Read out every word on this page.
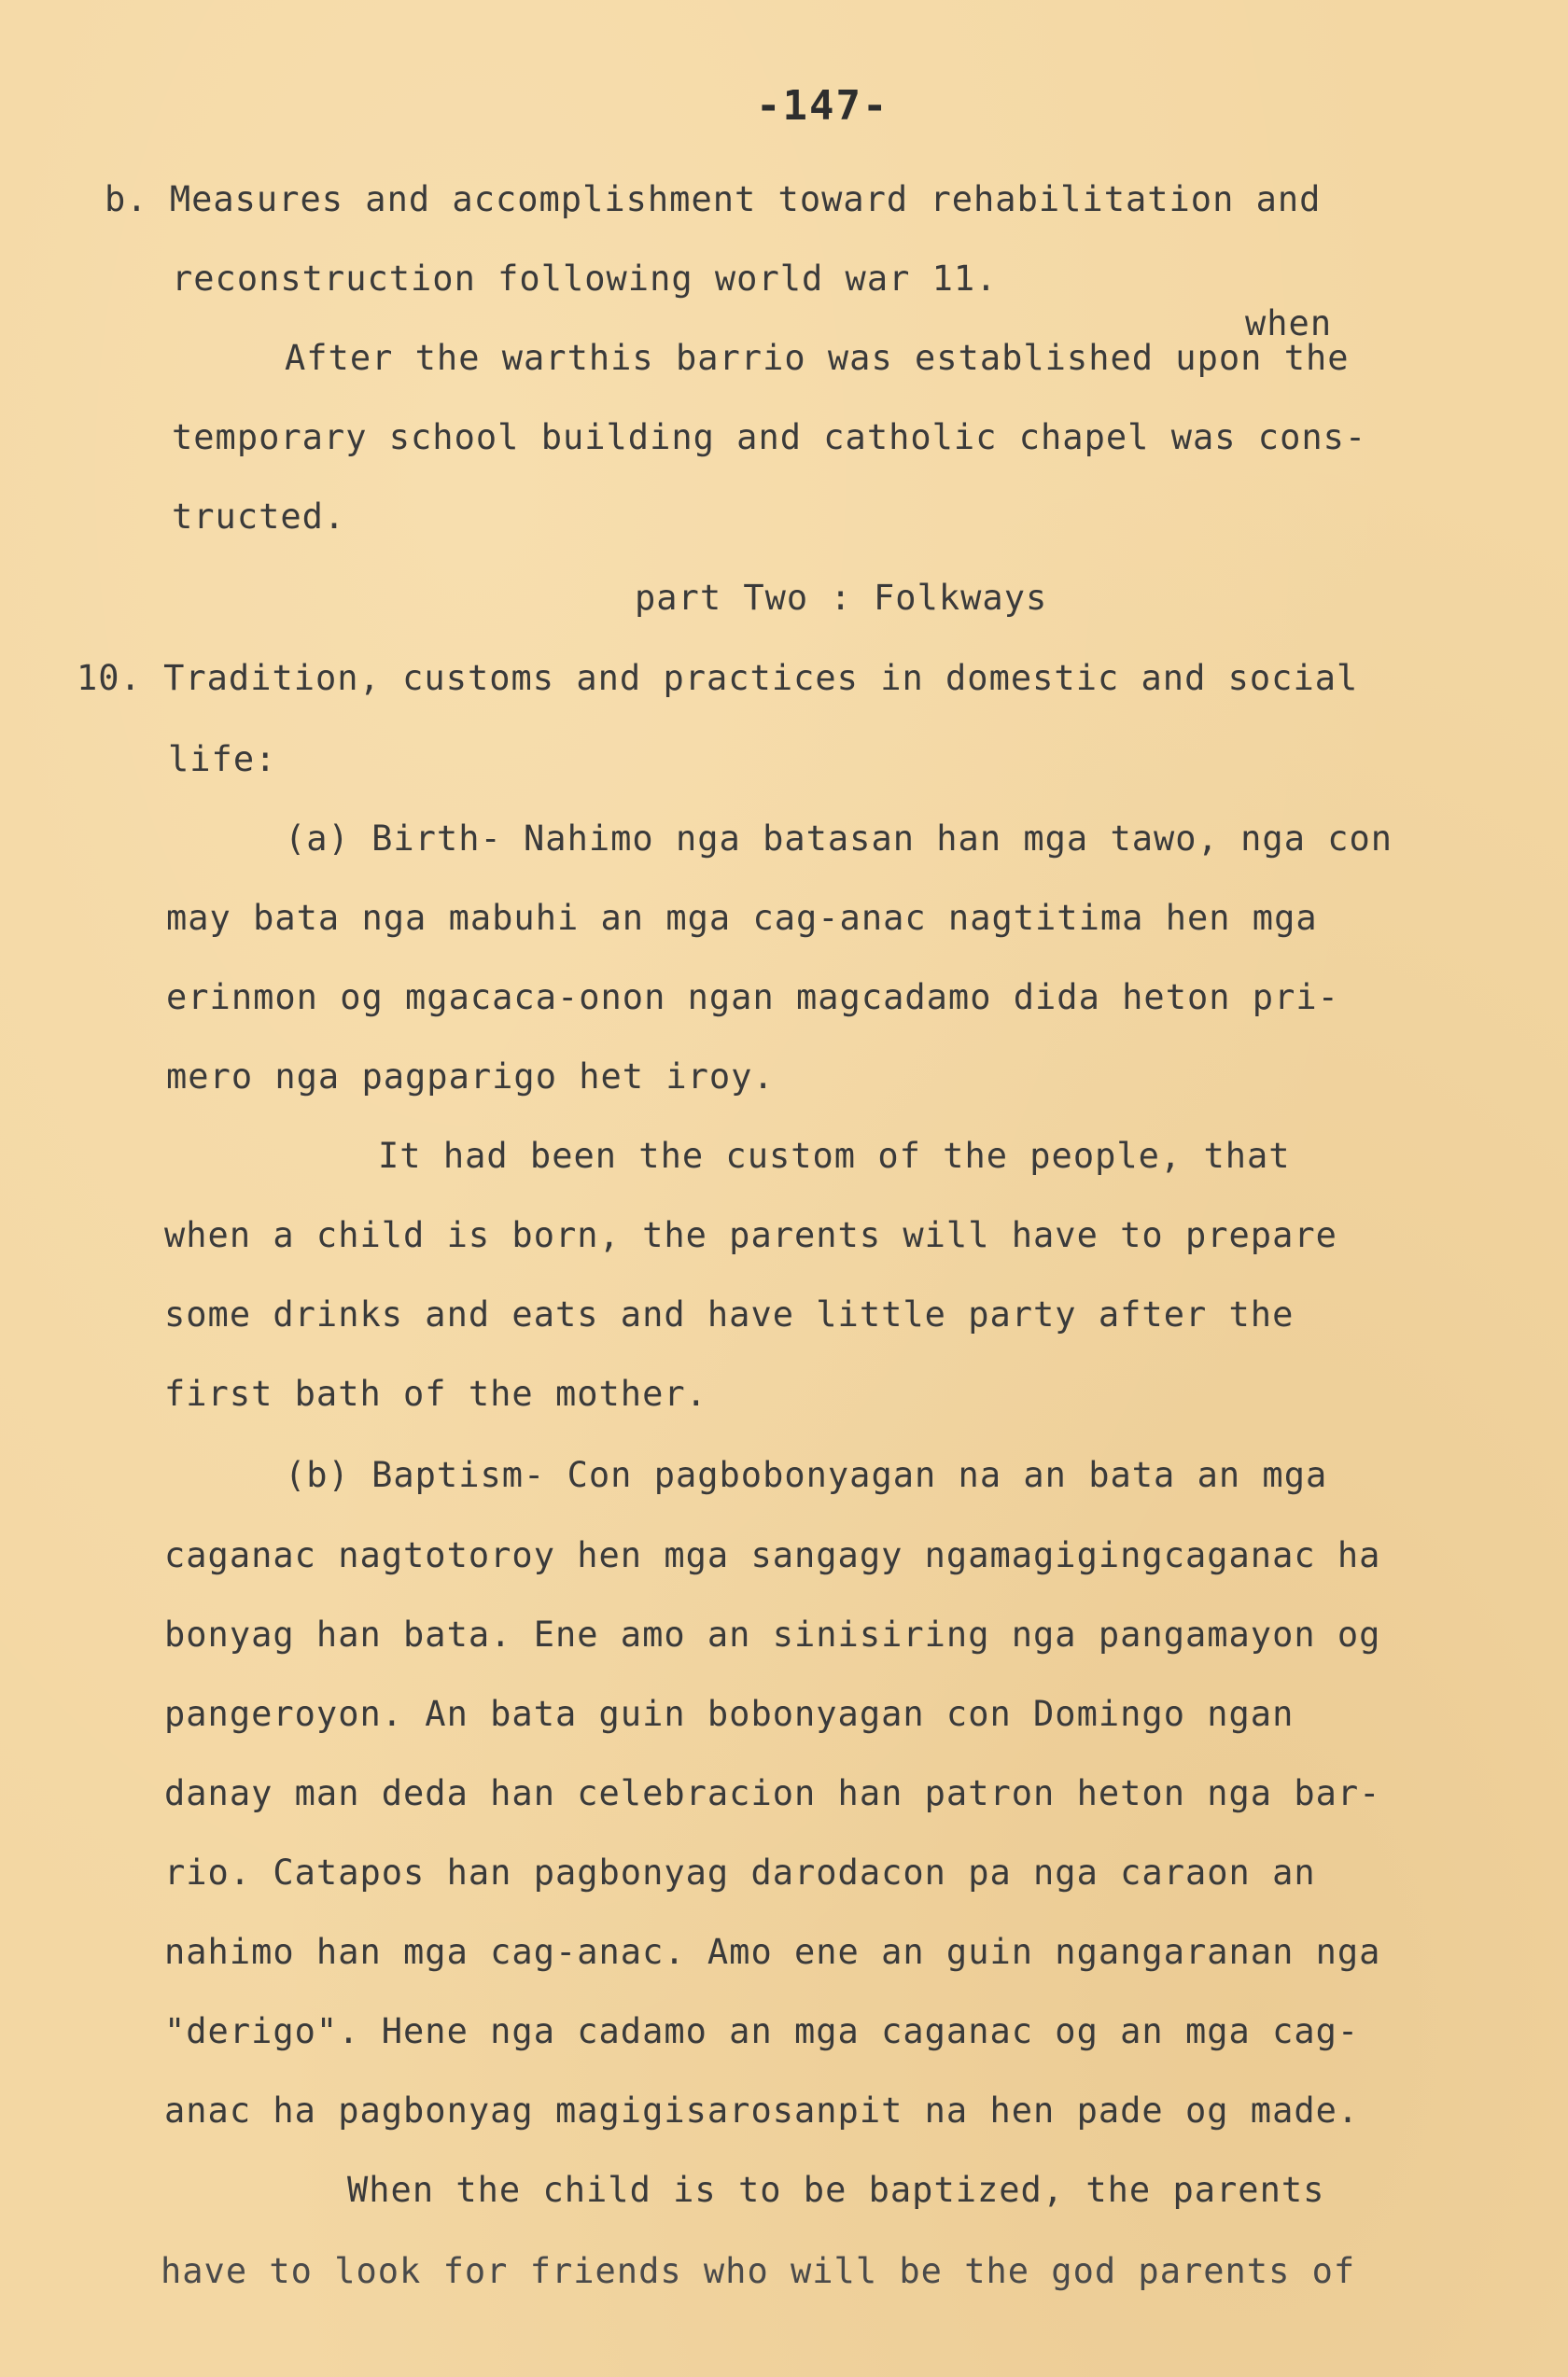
-147-
b. Measures and accomplishment toward rehabilitation and
reconstruction following world war 11.
when
After the warthis barrio was established upon the
temporary school building and catholic chapel was cons-
tructed.
part Two : Folkways
10. Tradition, customs and practices in domestic and social
life:
(a) Birth- Nahimo nga batasan han mga tawo, nga con
may bata nga mabuhi an mga cag-anac nagtitima hen mga
erinmon og mgacaca-onon ngan magcadamo dida heton pri-
mero nga pagparigo het iroy.
It had been the custom of the people, that
when a child is born, the parents will have to prepare
some drinks and eats and have little party after the
first bath of the mother.
(b) Baptism- Con pagbobonyagan na an bata an mga
caganac nagtotoroy hen mga sangagy ngamagigingcaganac ha
bonyag han bata. Ene amo an sinisiring nga pangamayon og
pangeroyon. An bata guin bobonyagan con Domingo ngan
danay man deda han celebracion han patron heton nga bar-
rio. Catapos han pagbonyag darodacon pa nga caraon an
nahimo han mga cag-anac. Amo ene an guin ngangaranan nga
"derigo". Hene nga cadamo an mga caganac og an mga cag-
anac ha pagbonyag magigisarosanpit na hen pade og made.
When the child is to be baptized, the parents
have to look for friends who will be the god parents of
